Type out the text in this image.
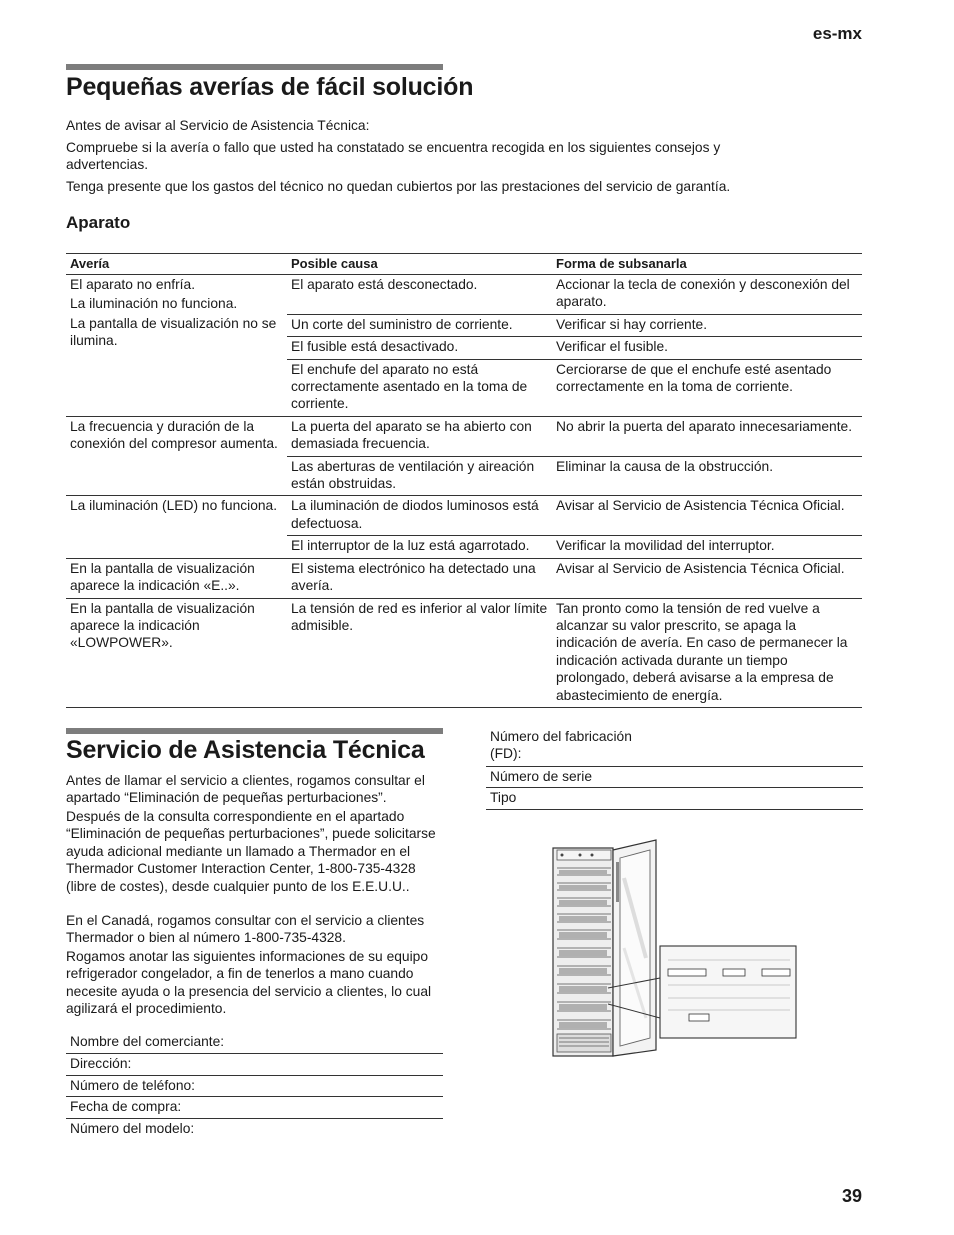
es-mx
Pequeñas averías de fácil solución

Antes de avisar al Servicio de Asistencia Técnica:

Compruebe si la avería o fallo que usted ha constatado se encuentra recogida en los siguientes consejos y advertencias.

Tenga presente que los gastos del técnico no quedan cubiertos por las prestaciones del servicio de garantía.

Aparato
Avería	Posible causa	Forma de subsanarla

El aparato no enfría.

La iluminación no funciona.

La pantalla de visualización no se ilumina.	El aparato está desconectado.	Accionar la tecla de conexión y desconexión del aparato.
	Un corte del suministro de corriente.	Verificar si hay corriente.
	El fusible está desactivado.	Verificar el fusible.
	El enchufe del aparato no está correctamente asentado en la toma de corriente.	Cerciorarse de que el enchufe esté asentado correctamente en la toma de corriente.
La frecuencia y duración de la conexión del compresor aumenta.	La puerta del aparato se ha abierto con demasiada frecuencia.	No abrir la puerta del aparato innecesariamente.
	Las aberturas de ventilación y aireación están obstruidas.	Eliminar la causa de la obstrucción.
La iluminación (LED) no funciona.	La iluminación de diodos luminosos está defectuosa.	Avisar al Servicio de Asistencia Técnica Oficial.
	El interruptor de la luz está agarrotado.	Verificar la movilidad del interruptor.
En la pantalla de visualización aparece la indicación «E..».	El sistema electrónico ha detectado una avería.	Avisar al Servicio de Asistencia Técnica Oficial.
En la pantalla de visualización aparece la indicación «LOWPOWER».	La tensión de red es inferior al valor límite admisible.	Tan pronto como la tensión de red vuelve a alcanzar su valor prescrito, se apaga la indicación de avería. En caso de permanecer la indicación activada durante un tiempo prolongado, deberá avisarse a la empresa de abastecimiento de energía.
Servicio de Asistencia Técnica

Antes de llamar el servicio a clientes, rogamos consultar el apartado “Eliminación de pequeñas perturbaciones”.

Después de la consulta correspondiente en el apartado “Eliminación de pequeñas perturbaciones”, puede solicitarse ayuda adicional mediante un llamado a Thermador en el Thermador Customer Interaction Center, 1-800-735-4328 (libre de costes), desde cualquier punto de los E.E.U.U..

En el Canadá, rogamos consultar con el servicio a clientes Thermador o bien al número 1-800-735-4328.

Rogamos anotar las siguientes informaciones de su equipo refrigerador congelador, a fin de tenerlos a mano cuando necesite ayuda o la presencia del servicio a clientes, lo cual agilizará el procedimiento.

Nombre del comerciante:
Dirección:
Número de teléfono:
Fecha de compra:
Número del modelo:
Número del fabricación (FD):
Número de serie
Tipo
39
